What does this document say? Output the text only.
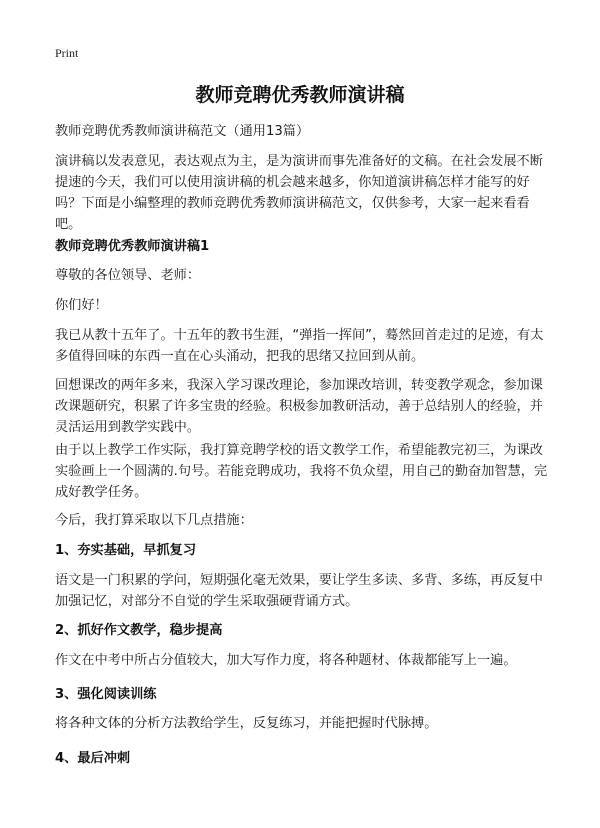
Print
教师竞聘优秀教师演讲稿

教师竞聘优秀教师演讲稿范文（通用13篇）

演讲稿以发表意见，表达观点为主，是为演讲而事先准备好的文稿。在社会发展不断提速的今天，我们可以使用演讲稿的机会越来越多，你知道演讲稿怎样才能写的好吗？下面是小编整理的教师竞聘优秀教师演讲稿范文，仅供参考，大家一起来看看吧。

教师竞聘优秀教师演讲稿1

尊敬的各位领导、老师：

你们好！

我已从教十五年了。十五年的教书生涯，“弹指一挥间”，蓦然回首走过的足迹，有太多值得回味的东西一直在心头涌动，把我的思绪又拉回到从前。

回想课改的两年多来，我深入学习课改理论，参加课改培训，转变教学观念，参加课改课题研究，积累了许多宝贵的经验。积极参加教研活动，善于总结别人的经验，并灵活运用到教学实践中。

由于以上教学工作实际，我打算竞聘学校的语文教学工作，希望能教完初三，为课改实验画上一个圆满的.句号。若能竞聘成功，我将不负众望，用自己的勤奋加智慧，完成好教学任务。

今后，我打算采取以下几点措施：

1、夯实基础，早抓复习

语文是一门积累的学问，短期强化毫无效果，要让学生多读、多背、多练，再反复中加强记忆，对部分不自觉的学生采取强硬背诵方式。

2、抓好作文教学，稳步提高

作文在中考中所占分值较大，加大写作力度，将各种题材、体裁都能写上一遍。

3、强化阅读训练

将各种文体的分析方法教给学生，反复练习，并能把握时代脉搏。

4、最后冲刺
